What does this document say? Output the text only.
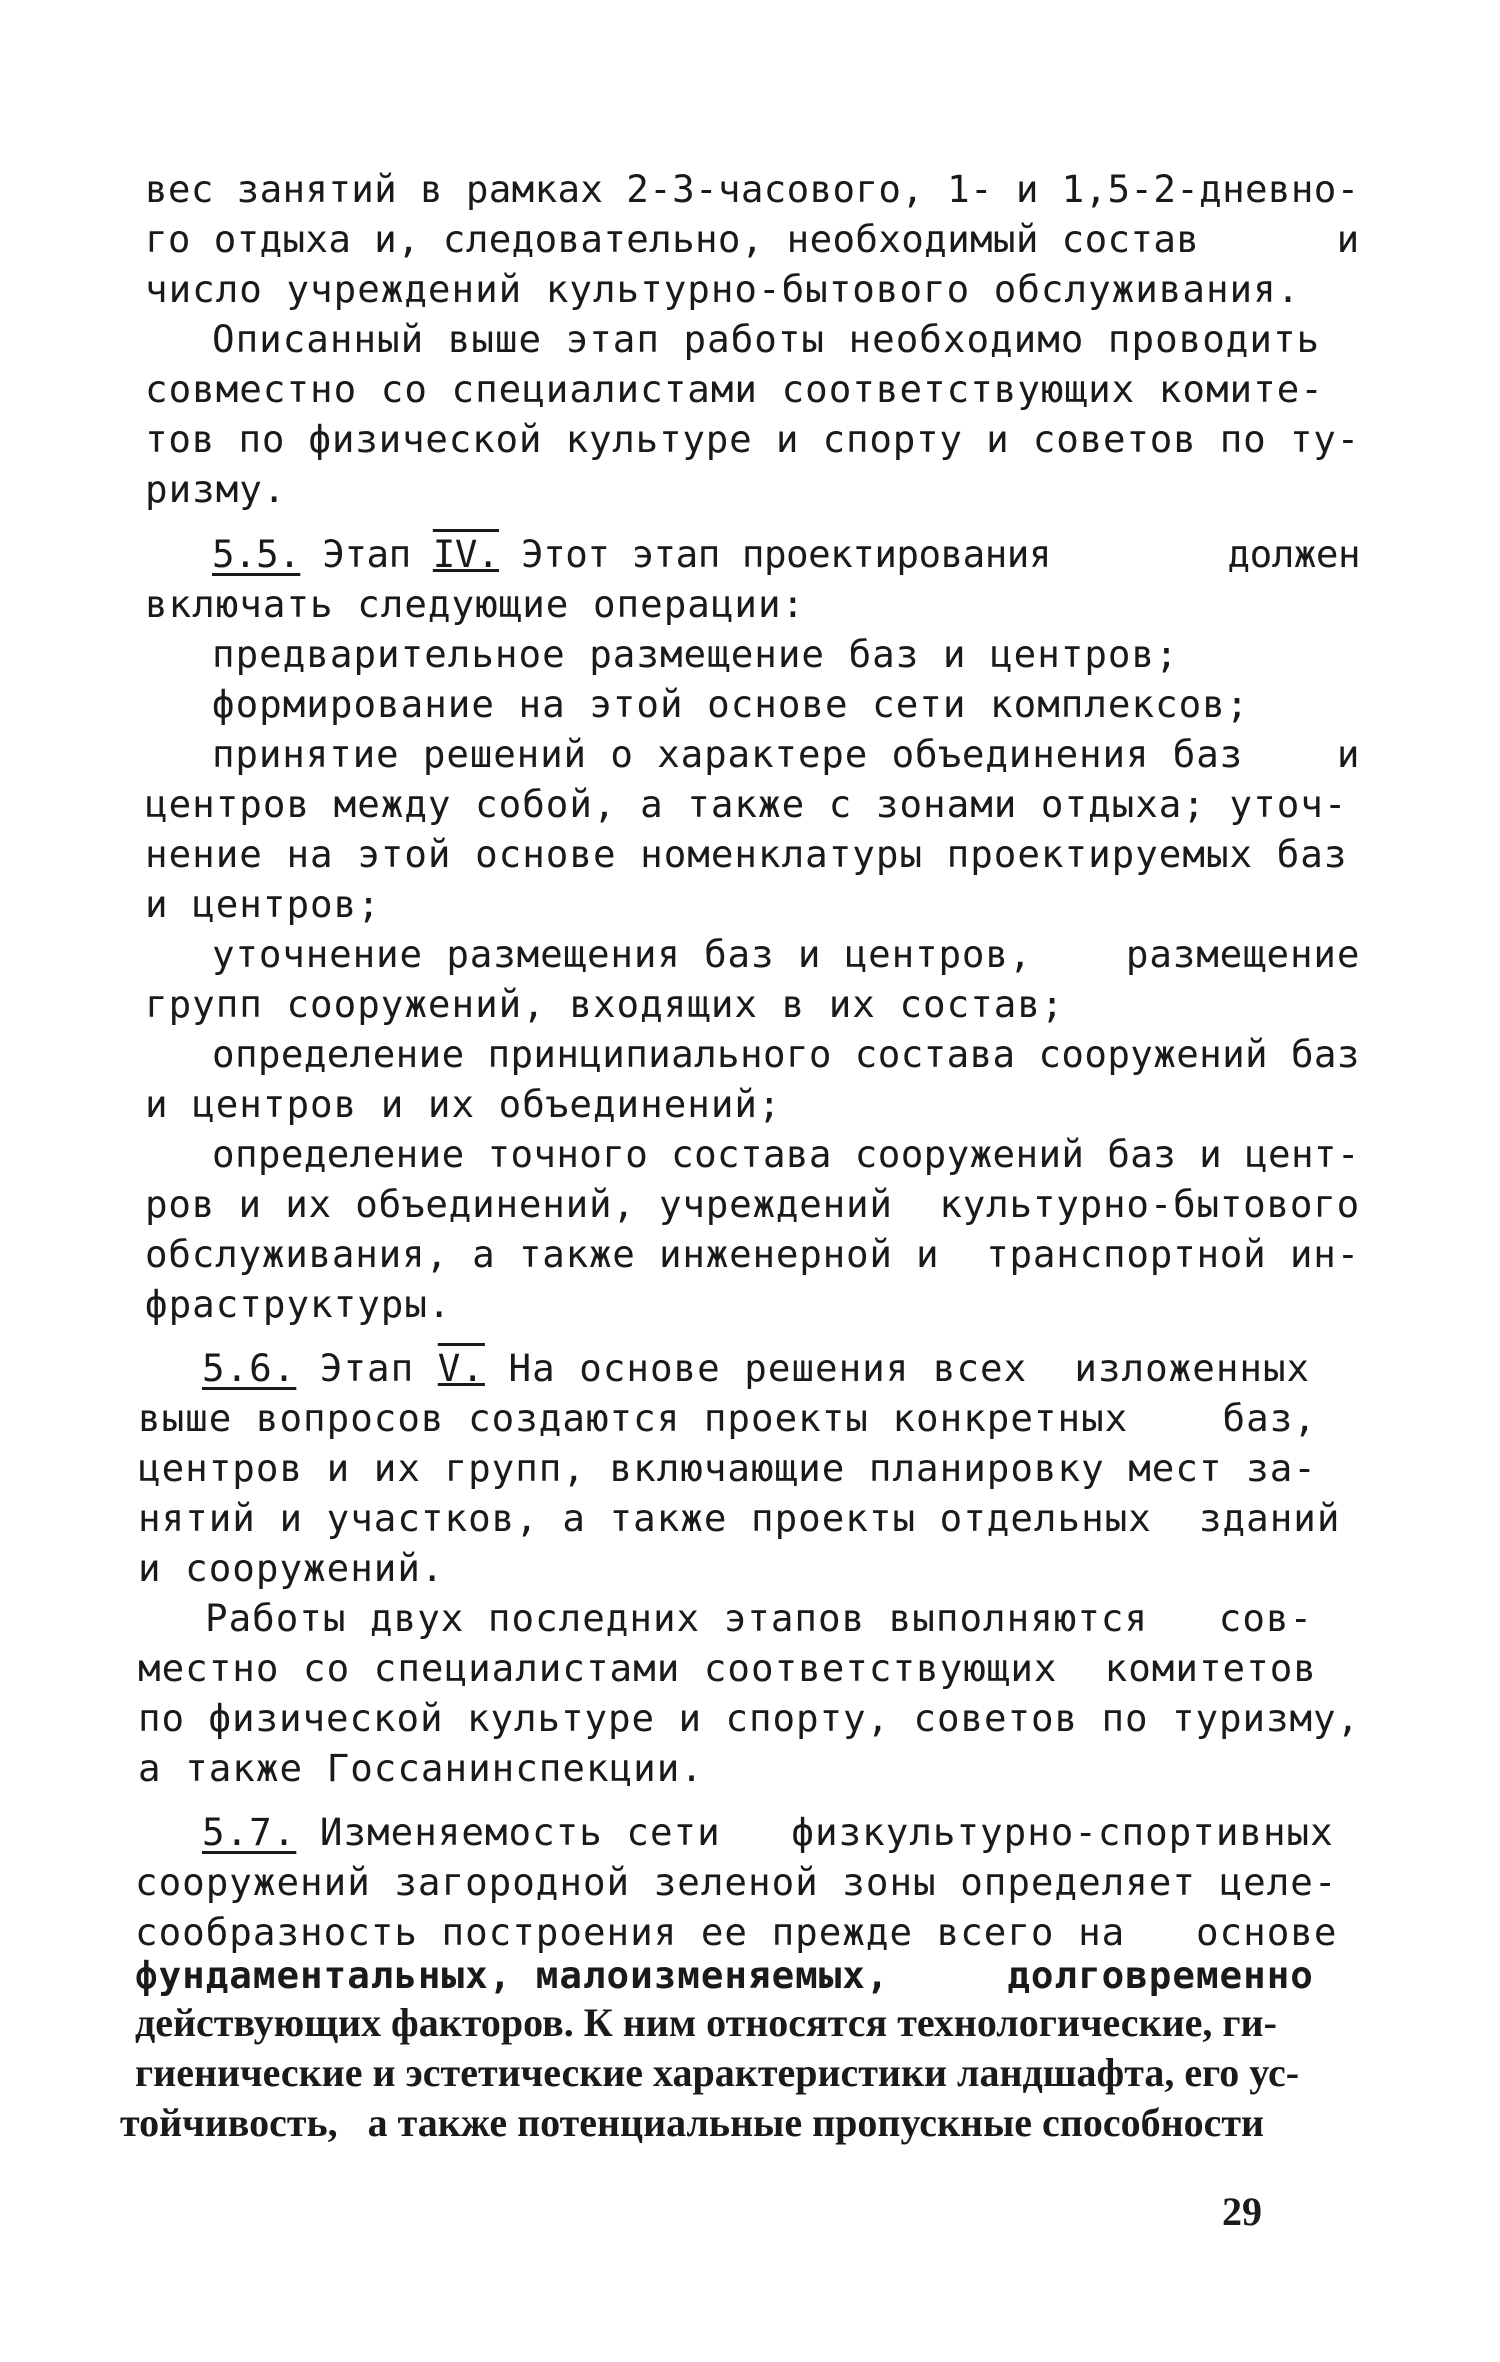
вес занятий в рамках 2-3-часового, 1- и 1,5-2-дневно-
го отдыха и, следовательно, необходимый состав      и
число учреждений культурно-бытового обслуживания.
Описанный выше этап работы необходимо проводить
совместно со специалистами соответствующих комите-
тов по физической культуре и спорту и советов по ту-
ризму.
5.5. Этап IV. Этот этап проектирования        должен
включать следующие операции:
предварительное размещение баз и центров;
формирование на этой основе сети комплексов;
принятие решений о характере объединения баз    и
центров между собой, а также с зонами отдыха; уточ-
нение на этой основе номенклатуры проектируемых баз
и центров;
уточнение размещения баз и центров,    размещение
групп сооружений, входящих в их состав;
определение принципиального состава сооружений баз
и центров и их объединений;
определение точного состава сооружений баз и цент-
ров и их объединений, учреждений  культурно-бытового
обслуживания, а также инженерной и  транспортной ин-
фраструктуры.
5.6. Этап V. На основе решения всех  изложенных
выше вопросов создаются проекты конкретных    баз,
центров и их групп, включающие планировку мест за-
нятий и участков, а также проекты отдельных  зданий
и сооружений.
Работы двух последних этапов выполняются   сов-
местно со специалистами соответствующих  комитетов
по физической культуре и спорту, советов по туризму,
а также Госсанинспекции.
5.7. Изменяемость сети   физкультурно-спортивных
сооружений загородной зеленой зоны определяет целе-
сообразность построения ее прежде всего на   основе
фундаментальных, малоизменяемых,     долговременно
действующих факторов. К ним относятся технологические, ги-
гиенические и эстетические характеристики ландшафта, его ус-
тойчивость,   а также потенциальные пропускные способности
29
